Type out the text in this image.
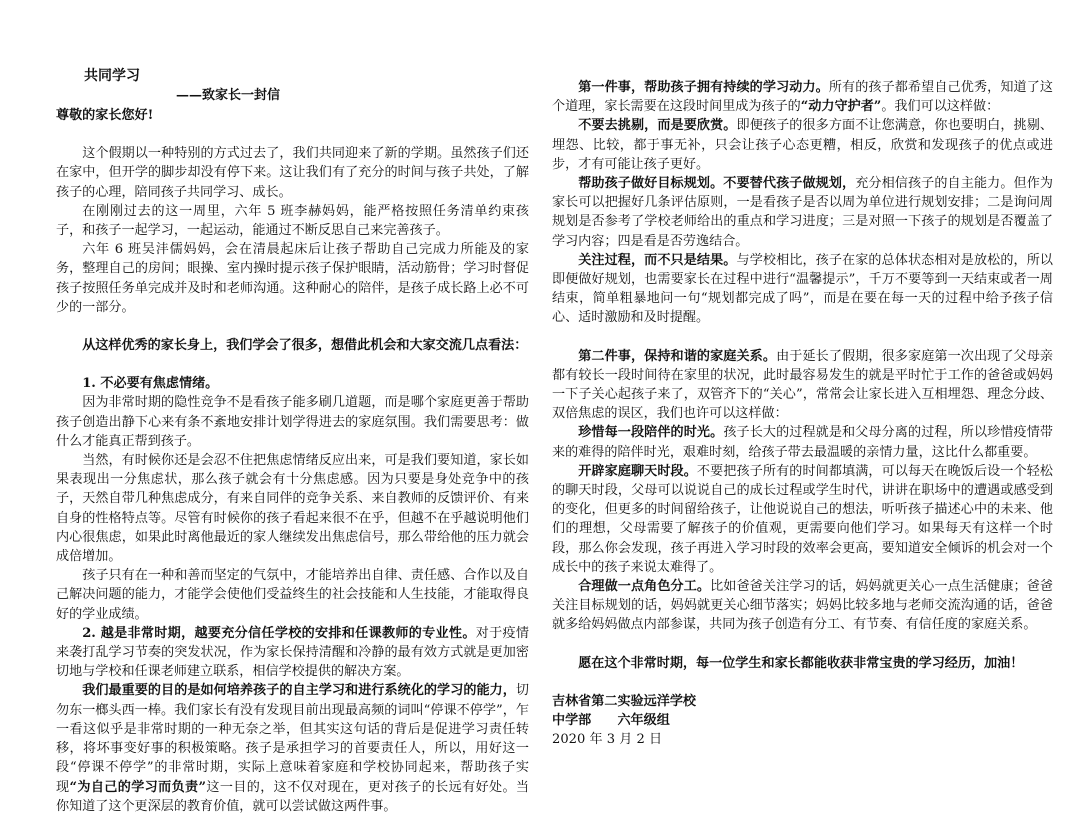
共同学习

——致家长一封信

尊敬的家长您好!

这个假期以一种特别的方式过去了，我们共同迎来了新的学期。虽然孩子们还在家中，但开学的脚步却没有停下来。这让我们有了充分的时间与孩子共处，了解孩子的心理，陪同孩子共同学习、成长。

在刚刚过去的这一周里，六年 5 班李赫妈妈，能严格按照任务清单约束孩子，和孩子一起学习，一起运动，能通过不断反思自己来完善孩子。

六年 6 班吴沣儒妈妈，会在清晨起床后让孩子帮助自己完成力所能及的家务，整理自己的房间；眼操、室内操时提示孩子保护眼睛，活动筋骨；学习时督促孩子按照任务单完成并及时和老师沟通。这种耐心的陪伴，是孩子成长路上必不可少的一部分。

从这样优秀的家长身上，我们学会了很多，想借此机会和大家交流几点看法：

1. 不必要有焦虑情绪。

因为非常时期的隐性竞争不是看孩子能多刷几道题，而是哪个家庭更善于帮助孩子创造出静下心来有条不紊地安排计划学得进去的家庭氛围。我们需要思考：做什么才能真正帮到孩子。

当然，有时候你还是会忍不住把焦虑情绪反应出来，可是我们要知道，家长如果表现出一分焦虑状，那么孩子就会有十分焦虑感。因为只要是身处竞争中的孩子，天然自带几种焦虑成分，有来自同伴的竞争关系、来自教师的反馈评价、有来自身的性格特点等。尽管有时候你的孩子看起来很不在乎，但越不在乎越说明他们内心很焦虑，如果此时离他最近的家人继续发出焦虑信号，那么带给他的压力就会成倍增加。

孩子只有在一种和善而坚定的气氛中，才能培养出自律、责任感、合作以及自己解决问题的能力，才能学会使他们受益终生的社会技能和人生技能，才能取得良好的学业成绩。

2. 越是非常时期，越要充分信任学校的安排和任课教师的专业性。对于疫情来袭打乱学习节奏的突发状况，作为家长保持清醒和冷静的最有效方式就是更加密切地与学校和任课老师建立联系，相信学校提供的解决方案。

我们最重要的目的是如何培养孩子的自主学习和进行系统化的学习的能力，切勿东一榔头西一棒。我们家长有没有发现目前出现最高频的词叫“停课不停学”，乍一看这似乎是非常时期的一种无奈之举，但其实这句话的背后是促进学习责任转移，将坏事变好事的积极策略。孩子是承担学习的首要责任人，所以，用好这一段“停课不停学”的非常时期，实际上意味着家庭和学校协同起来，帮助孩子实现“为自己的学习而负责”这一目的，这不仅对现在，更对孩子的长远有好处。当你知道了这个更深层的教育价值，就可以尝试做这两件事。

第一件事，帮助孩子拥有持续的学习动力。所有的孩子都希望自己优秀，知道了这个道理，家长需要在这段时间里成为孩子的“动力守护者”。我们可以这样做：

不要去挑剔，而是要欣赏。即便孩子的很多方面不让您满意，你也要明白，挑剔、埋怨、比较，都于事无补，只会让孩子心态更糟，相反，欣赏和发现孩子的优点或进步，才有可能让孩子更好。

帮助孩子做好目标规划。不要替代孩子做规划，充分相信孩子的自主能力。但作为家长可以把握好几条评估原则，一是看孩子是否以周为单位进行规划安排；二是询问周规划是否参考了学校老师给出的重点和学习进度；三是对照一下孩子的规划是否覆盖了学习内容；四是看是否劳逸结合。

关注过程，而不只是结果。与学校相比，孩子在家的总体状态相对是放松的，所以即便做好规划，也需要家长在过程中进行“温馨提示”，千万不要等到一天结束或者一周结束，简单粗暴地问一句“规划都完成了吗”，而是在要在每一天的过程中给予孩子信心、适时激励和及时提醒。

第二件事，保持和谐的家庭关系。由于延长了假期，很多家庭第一次出现了父母亲都有较长一段时间待在家里的状况，此时最容易发生的就是平时忙于工作的爸爸或妈妈一下子关心起孩子来了，双管齐下的“关心”，常常会让家长进入互相埋怨、理念分歧、双倍焦虑的误区，我们也许可以这样做：

珍惜每一段陪伴的时光。孩子长大的过程就是和父母分离的过程，所以珍惜疫情带来的难得的陪伴时光，艰难时刻，给孩子带去最温暖的亲情力量，这比什么都重要。

开辟家庭聊天时段。不要把孩子所有的时间都填满，可以每天在晚饭后设一个轻松的聊天时段，父母可以说说自己的成长过程或学生时代，讲讲在职场中的遭遇或感受到的变化，但更多的时间留给孩子，让他说说自己的想法，听听孩子描述心中的未来、他们的理想，父母需要了解孩子的价值观，更需要向他们学习。如果每天有这样一个时段，那么你会发现，孩子再进入学习时段的效率会更高，要知道安全倾诉的机会对一个成长中的孩子来说太难得了。

合理做一点角色分工。比如爸爸关注学习的话，妈妈就更关心一点生活健康；爸爸关注目标规划的话，妈妈就更关心细节落实；妈妈比较多地与老师交流沟通的话，爸爸就多给妈妈做点内部参谋，共同为孩子创造有分工、有节奏、有信任度的家庭关系。

愿在这个非常时期，每一位学生和家长都能收获非常宝贵的学习经历，加油！

吉林省第二实验远洋学校

中学部　　六年级组

2020 年 3 月 2 日
